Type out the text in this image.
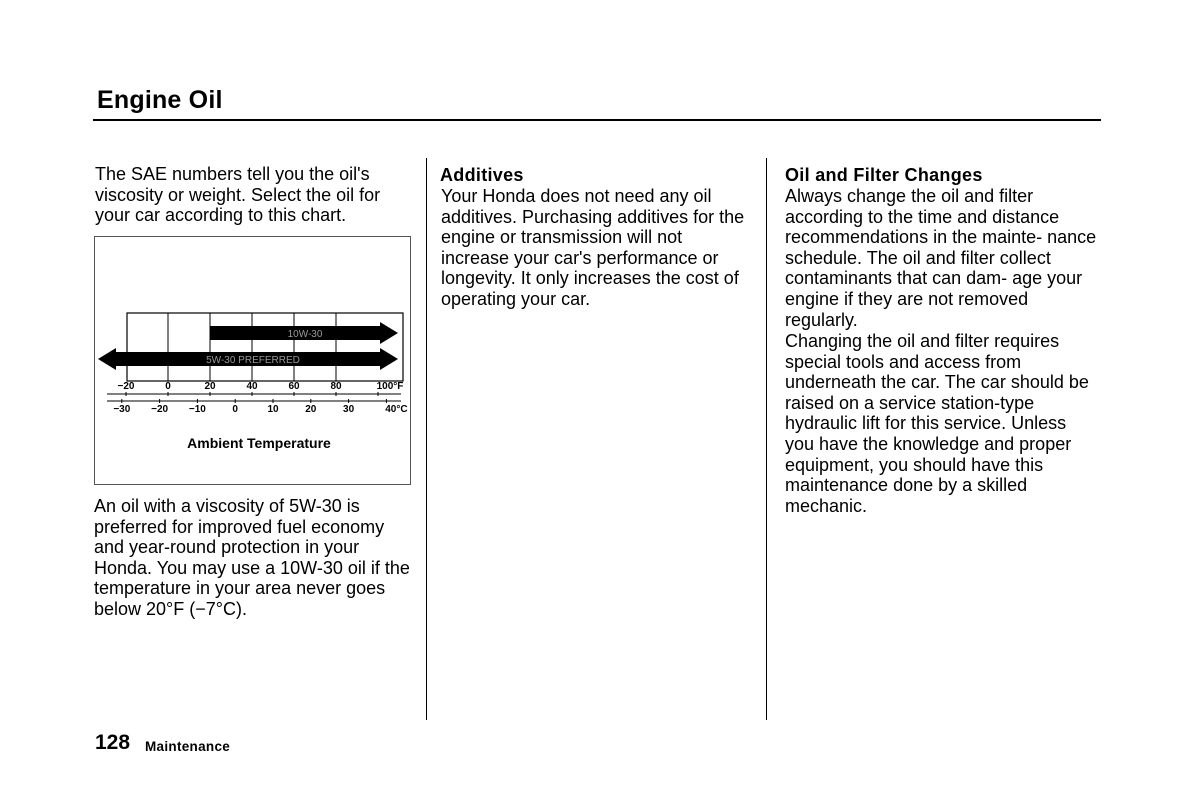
Engine Oil

The SAE numbers tell you the oil's viscosity or weight. Select the oil for your car according to this chart.

10W-30
5W-30 PREFERRED
−20	0	20	40	60	80	100°F
−30 −20 −10	0	10	20	30	40°C
Ambient Temperature

An oil with a viscosity of 5W-30 is preferred for improved fuel economy and year-round protection in your Honda. You may use a 10W-30 oil if the temperature in your area never goes below 20°F (−7°C).

Additives

Your Honda does not need any oil additives. Purchasing additives for the engine or transmission will not increase your car's performance or longevity. It only increases the cost of operating your car.

Oil and Filter Changes

Always change the oil and filter according to the time and distance recommendations in the mainte- nance schedule. The oil and filter collect contaminants that can dam- age your engine if they are not removed regularly.

Changing the oil and filter requires special tools and access from underneath the car. The car should be raised on a service station-type hydraulic lift for this service. Unless you have the knowledge and proper equipment, you should have this maintenance done by a skilled mechanic.

128 Maintenance
